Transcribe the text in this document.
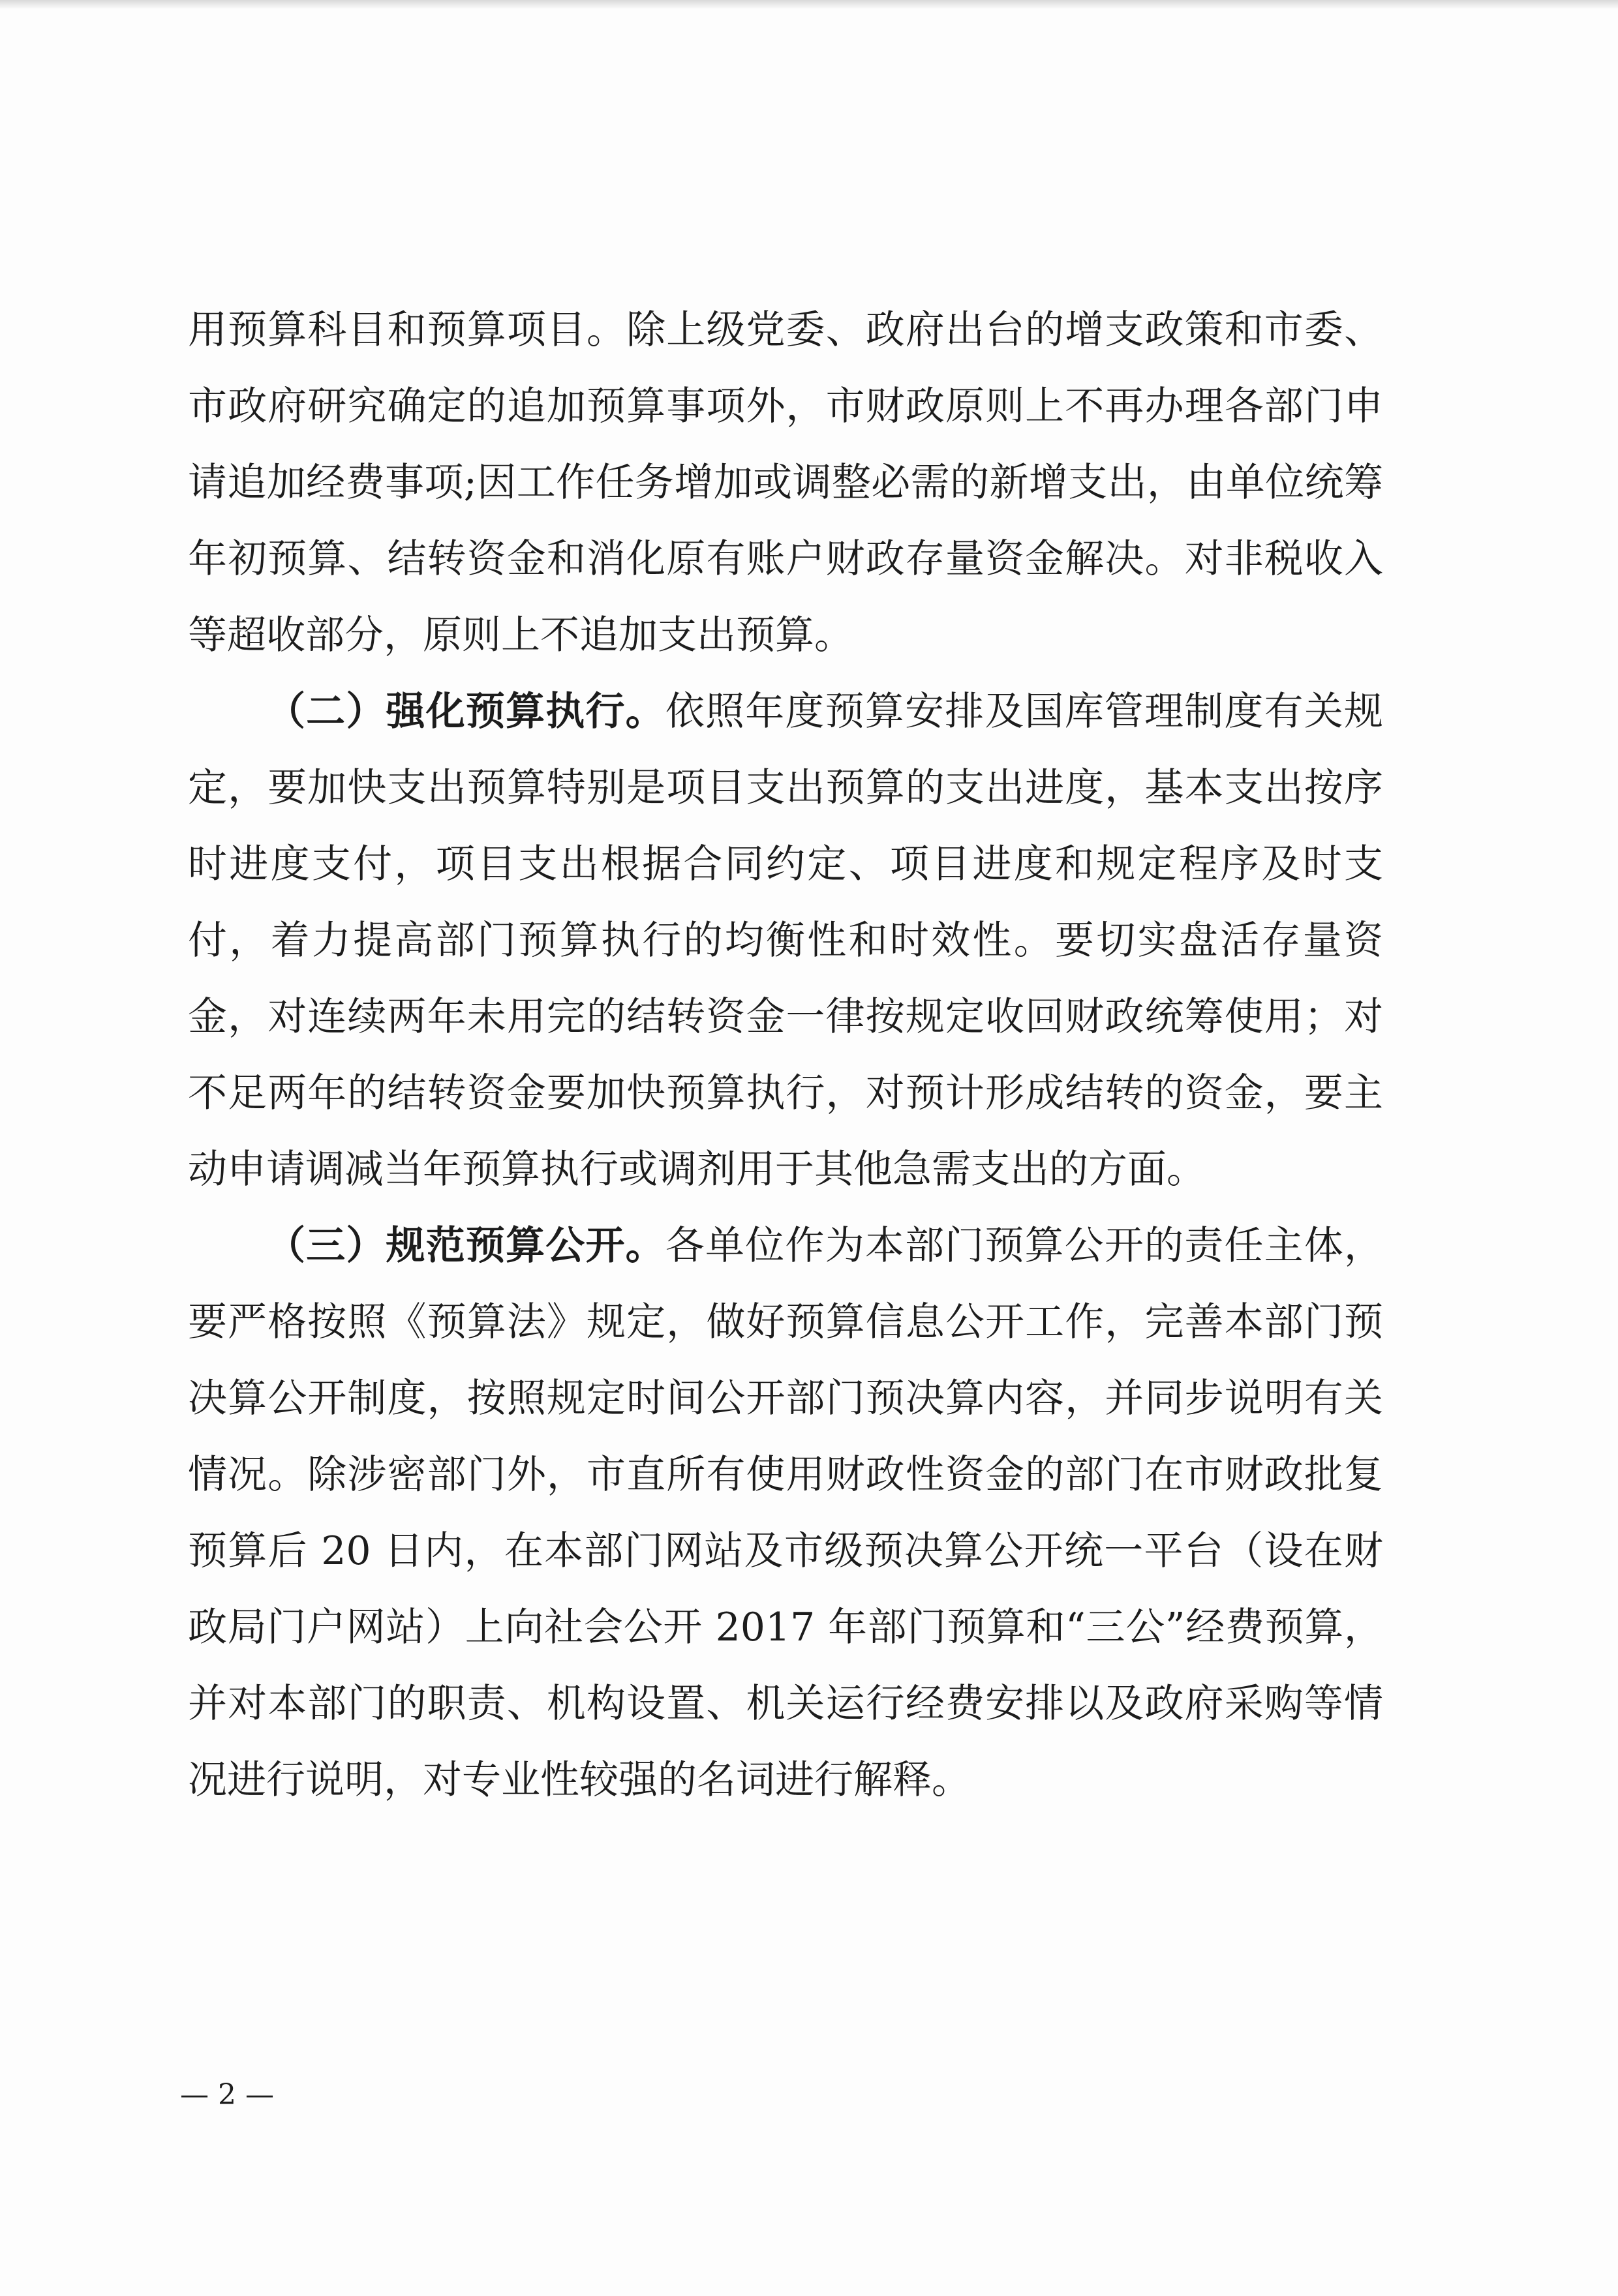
用预算科目和预算项目。除上级党委、政府出台的增支政策和市委、市政府研究确定的追加预算事项外，市财政原则上不再办理各部门申请追加经费事项;因工作任务增加或调整必需的新增支出，由单位统筹年初预算、结转资金和消化原有账户财政存量资金解决。对非税收入等超收部分，原则上不追加支出预算。

（二）强化预算执行。依照年度预算安排及国库管理制度有关规定，要加快支出预算特别是项目支出预算的支出进度，基本支出按序时进度支付，项目支出根据合同约定、项目进度和规定程序及时支付，着力提高部门预算执行的均衡性和时效性。要切实盘活存量资金，对连续两年未用完的结转资金一律按规定收回财政统筹使用；对不足两年的结转资金要加快预算执行，对预计形成结转的资金，要主动申请调减当年预算执行或调剂用于其他急需支出的方面。

（三）规范预算公开。各单位作为本部门预算公开的责任主体，要严格按照《预算法》规定，做好预算信息公开工作，完善本部门预决算公开制度，按照规定时间公开部门预决算内容，并同步说明有关情况。除涉密部门外，市直所有使用财政性资金的部门在市财政批复预算后 20 日内，在本部门网站及市级预决算公开统一平台（设在财政局门户网站）上向社会公开 2017 年部门预算和“三公”经费预算，并对本部门的职责、机构设置、机关运行经费安排以及政府采购等情况进行说明，对专业性较强的名词进行解释。

— 2 —
